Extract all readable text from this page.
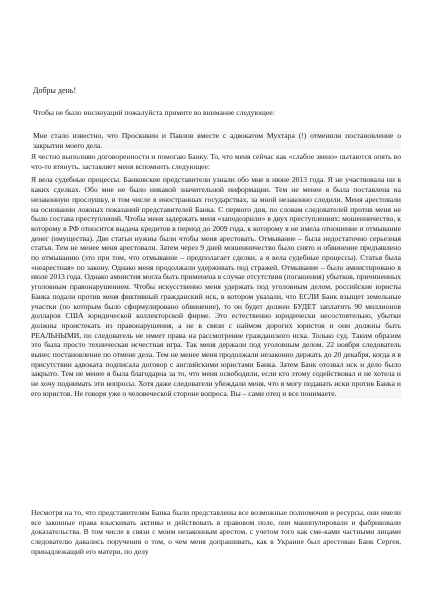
Добры день!

Чтобы не было инсинуаций пожалуйста примите во внимание следующее:

Мне стало известно, что Проскнкин и Павлов вместе с адвокатом Мухтара (!) отменили постановление о закрытии моего дела.

Я честно выполняю договоренности и помогаю Банку. То, что меня сейчас как «слабое звено» пытаются опять во что-то втянуть, заставляет меня вспомнить следующее:

Я вела судебные процессы. Банковские представители узнали обо мне в июне 2013 года. Я не участвовала ни в каких сделках. Обо мне не было никакой значительной информации. Тем не менее я была поставлена на незаконную прослушку, в том числе в иностранных государствах, за мной незаконно следили. Меня арестовали на основании ложных показаний представителей Банка. С первого дня, по словам следователей против меня не было состава преступлений. Чтобы меня задержать меня «заподозрили» в двух преступлениях: мошенничество, к которому в РФ относится выдача кредитов в период до 2009 года, к которому я не имела отношение и отмывание денег (имущества). Две статьи нужны были чтобы меня арестовать. Отмывание – была недостаточно серьезная статья. Тем не менее меня арестовали. Затем через 9 дней мошенничество было снято и обвинение предъявлено по отмыванию (это при том, что отмывание – предполагает сделки, а я вела судебные процессы). Статья была «неарестная» по закону. Однако меня продолжали удерживать под стражей. Отмывание – было амнистировано в июле 2013 года. Однако амнистия могла быть применена в случае отсутствия (погашения) убытков, причиненных уголовным правонарушением. Чтобы искусственно меня удержать под уголовным делом, российские юристы Банка подали против меня фиктивный гражданский иск, в котором указали, что ЕСЛИ Банк взыщет земельные участки (по которым было сформулировано обвинение), то он будет должен БУДЕТ заплатить 90 миллионов долларов США юридической коллекторской фирме. Это естественно юридически несостоятельно, убытки должны проистекать из правонарушения, а не в связи с наймом дорогих юристов и они должны быть РЕАЛЬНЫМИ, по следователь не имеет права на рассмотрение гражданского иска. Только суд. Таким образом это была просто техническая исчестная игра. Так меня держали под уголовным делом. 22 ноября следователь вынес постановление по отмене дела. Тем не менее меня продолжали незаконно держать до 20 декабря, когда я в присутствии адвоката подписала договор с английскими юристами Банка. Затем Банк отозвал иск и дело было закрыто. Тем не менее я была благодарна за то, что меня освободили, если кто этому содействовал и не хотела и не хочу поднимать эти вопросы. Хотя даже следователи убеждали меня, что я могу подавать иски против Банка и его юристов. Не говоря уже о человеческой стороне вопроса. Вы – сами отец и все понимаете.

Несмотря на то, что представителям Банка были представлены все возможные полномочия и ресурсы, они имели все законные права взыскивать активы и действовать в правовом поле, они манипулировали и фабриковали доказательства. В том числе в связи с моим незаконным арестом, с учетом того как сме-ками частными лицами следователю давались поручения о том, о чем меня допрашивать, как в Украине был арестован Банк Сергея, принадлежащий его матери, по делу
